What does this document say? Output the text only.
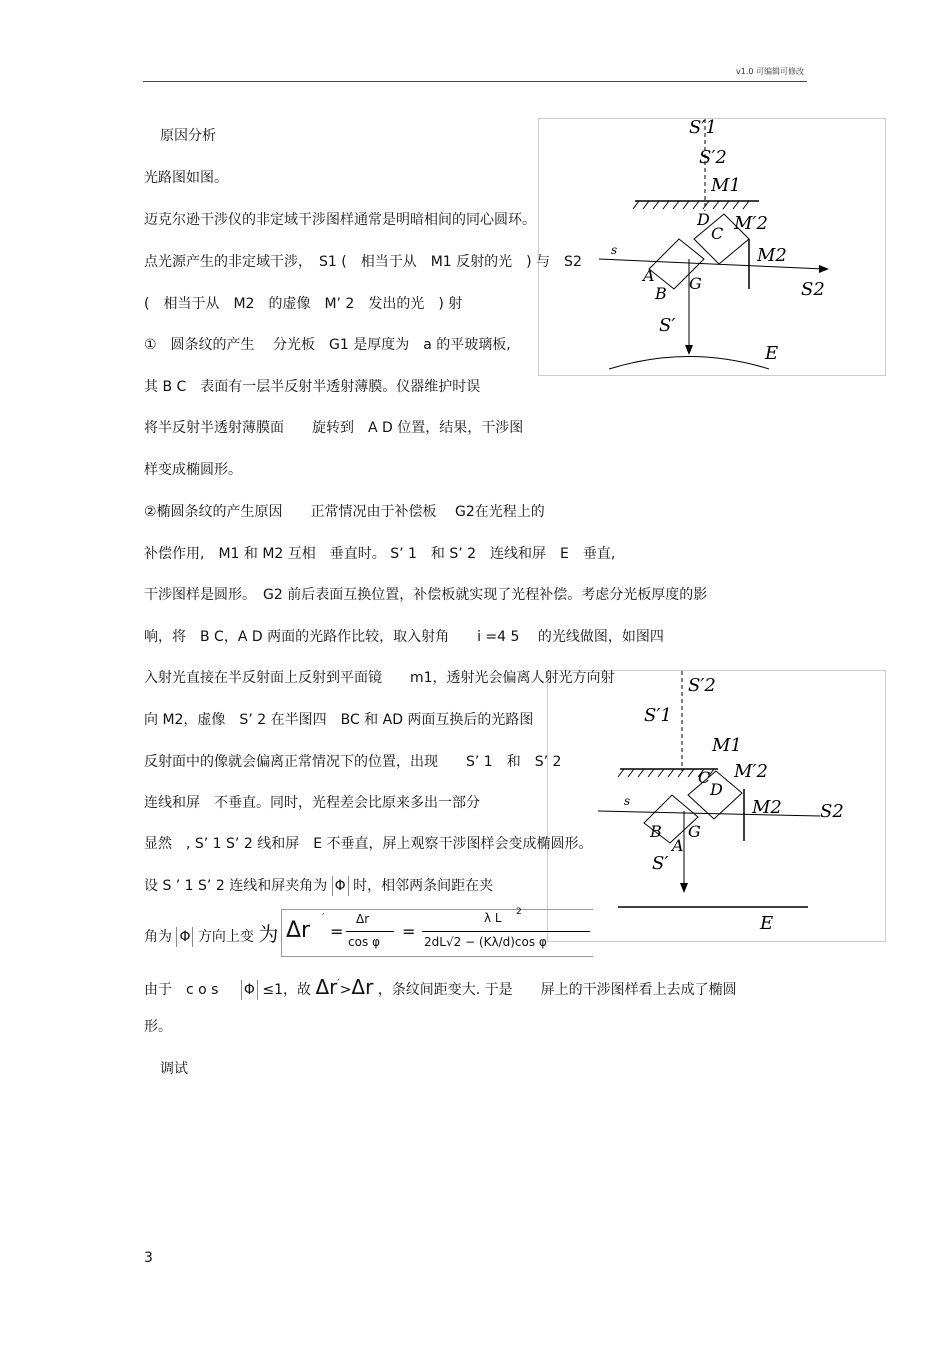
v1.0 可编辑可修改
S′1
S′2
M1
D M′2
C
M2
s
A
B
G	S2
S′
E
S′2
S′1
M1
M′2
C
D
M2 S2
s
B
A
G
S′
E
原因分析
光路图如图。
迈克尔逊干涉仪的非定域干涉图样通常是明暗相间的同心圆环。
点光源产生的非定域干涉，　S1 (　相当于从　M1 反射的光　) 与　S2
(　相当于从　M2　的虚像　M’ 2　发出的光　) 射
①　圆条纹的产生　 分光板　G1 是厚度为　a 的平玻璃板,
其 B C　表面有一层半反射半透射薄膜。仪器维护时误
将半反射半透射薄膜面　　旋转到　A D 位置，结果，干涉图
样变成椭圆形。
②椭圆条纹的产生原因　　正常情况由于补偿板　 G2在光程上的
补偿作用,　M1 和 M2 互相　垂直时。 S’ 1　和 S’ 2　连线和屏　E　垂直,
干涉图样是圆形。　G2 前后表面互换位置，补偿板就实现了光程补偿。考虑分光板厚度的影
响，将　B C，A D 两面的光路作比较，取入射角　　i =4 5　 的光线做图，如图四
入射光直接在半反射面上反射到平面镜　　m1，透射光会偏离人射光方向射
向 M2，虚像　S’ 2 在半图四　BC 和 AD 两面互换后的光路图
反射面中的像就会偏离正常情况下的位置，出现　　S’ 1　和　S’ 2
连线和屏　不垂直。同时，光程差会比原来多出一部分
显然　, S’ 1 S’ 2 线和屏　E 不垂直，屏上观察干涉图样会变成椭圆形。
设 S ’ 1 S’ 2 连线和屏夹角为 Φ 时，相邻两条间距在夹
角为 Φ 方向上变 为 Δr
′
=
Δr
cos φ
=
λ L 2
2dL√2 − (Kλ/d)cos φ
由于　c o s Φ ≤1，故 Δr′>Δr ，条纹间距变大. 于是　　屏上的干涉图样看上去成了椭圆
形。
调试
3
